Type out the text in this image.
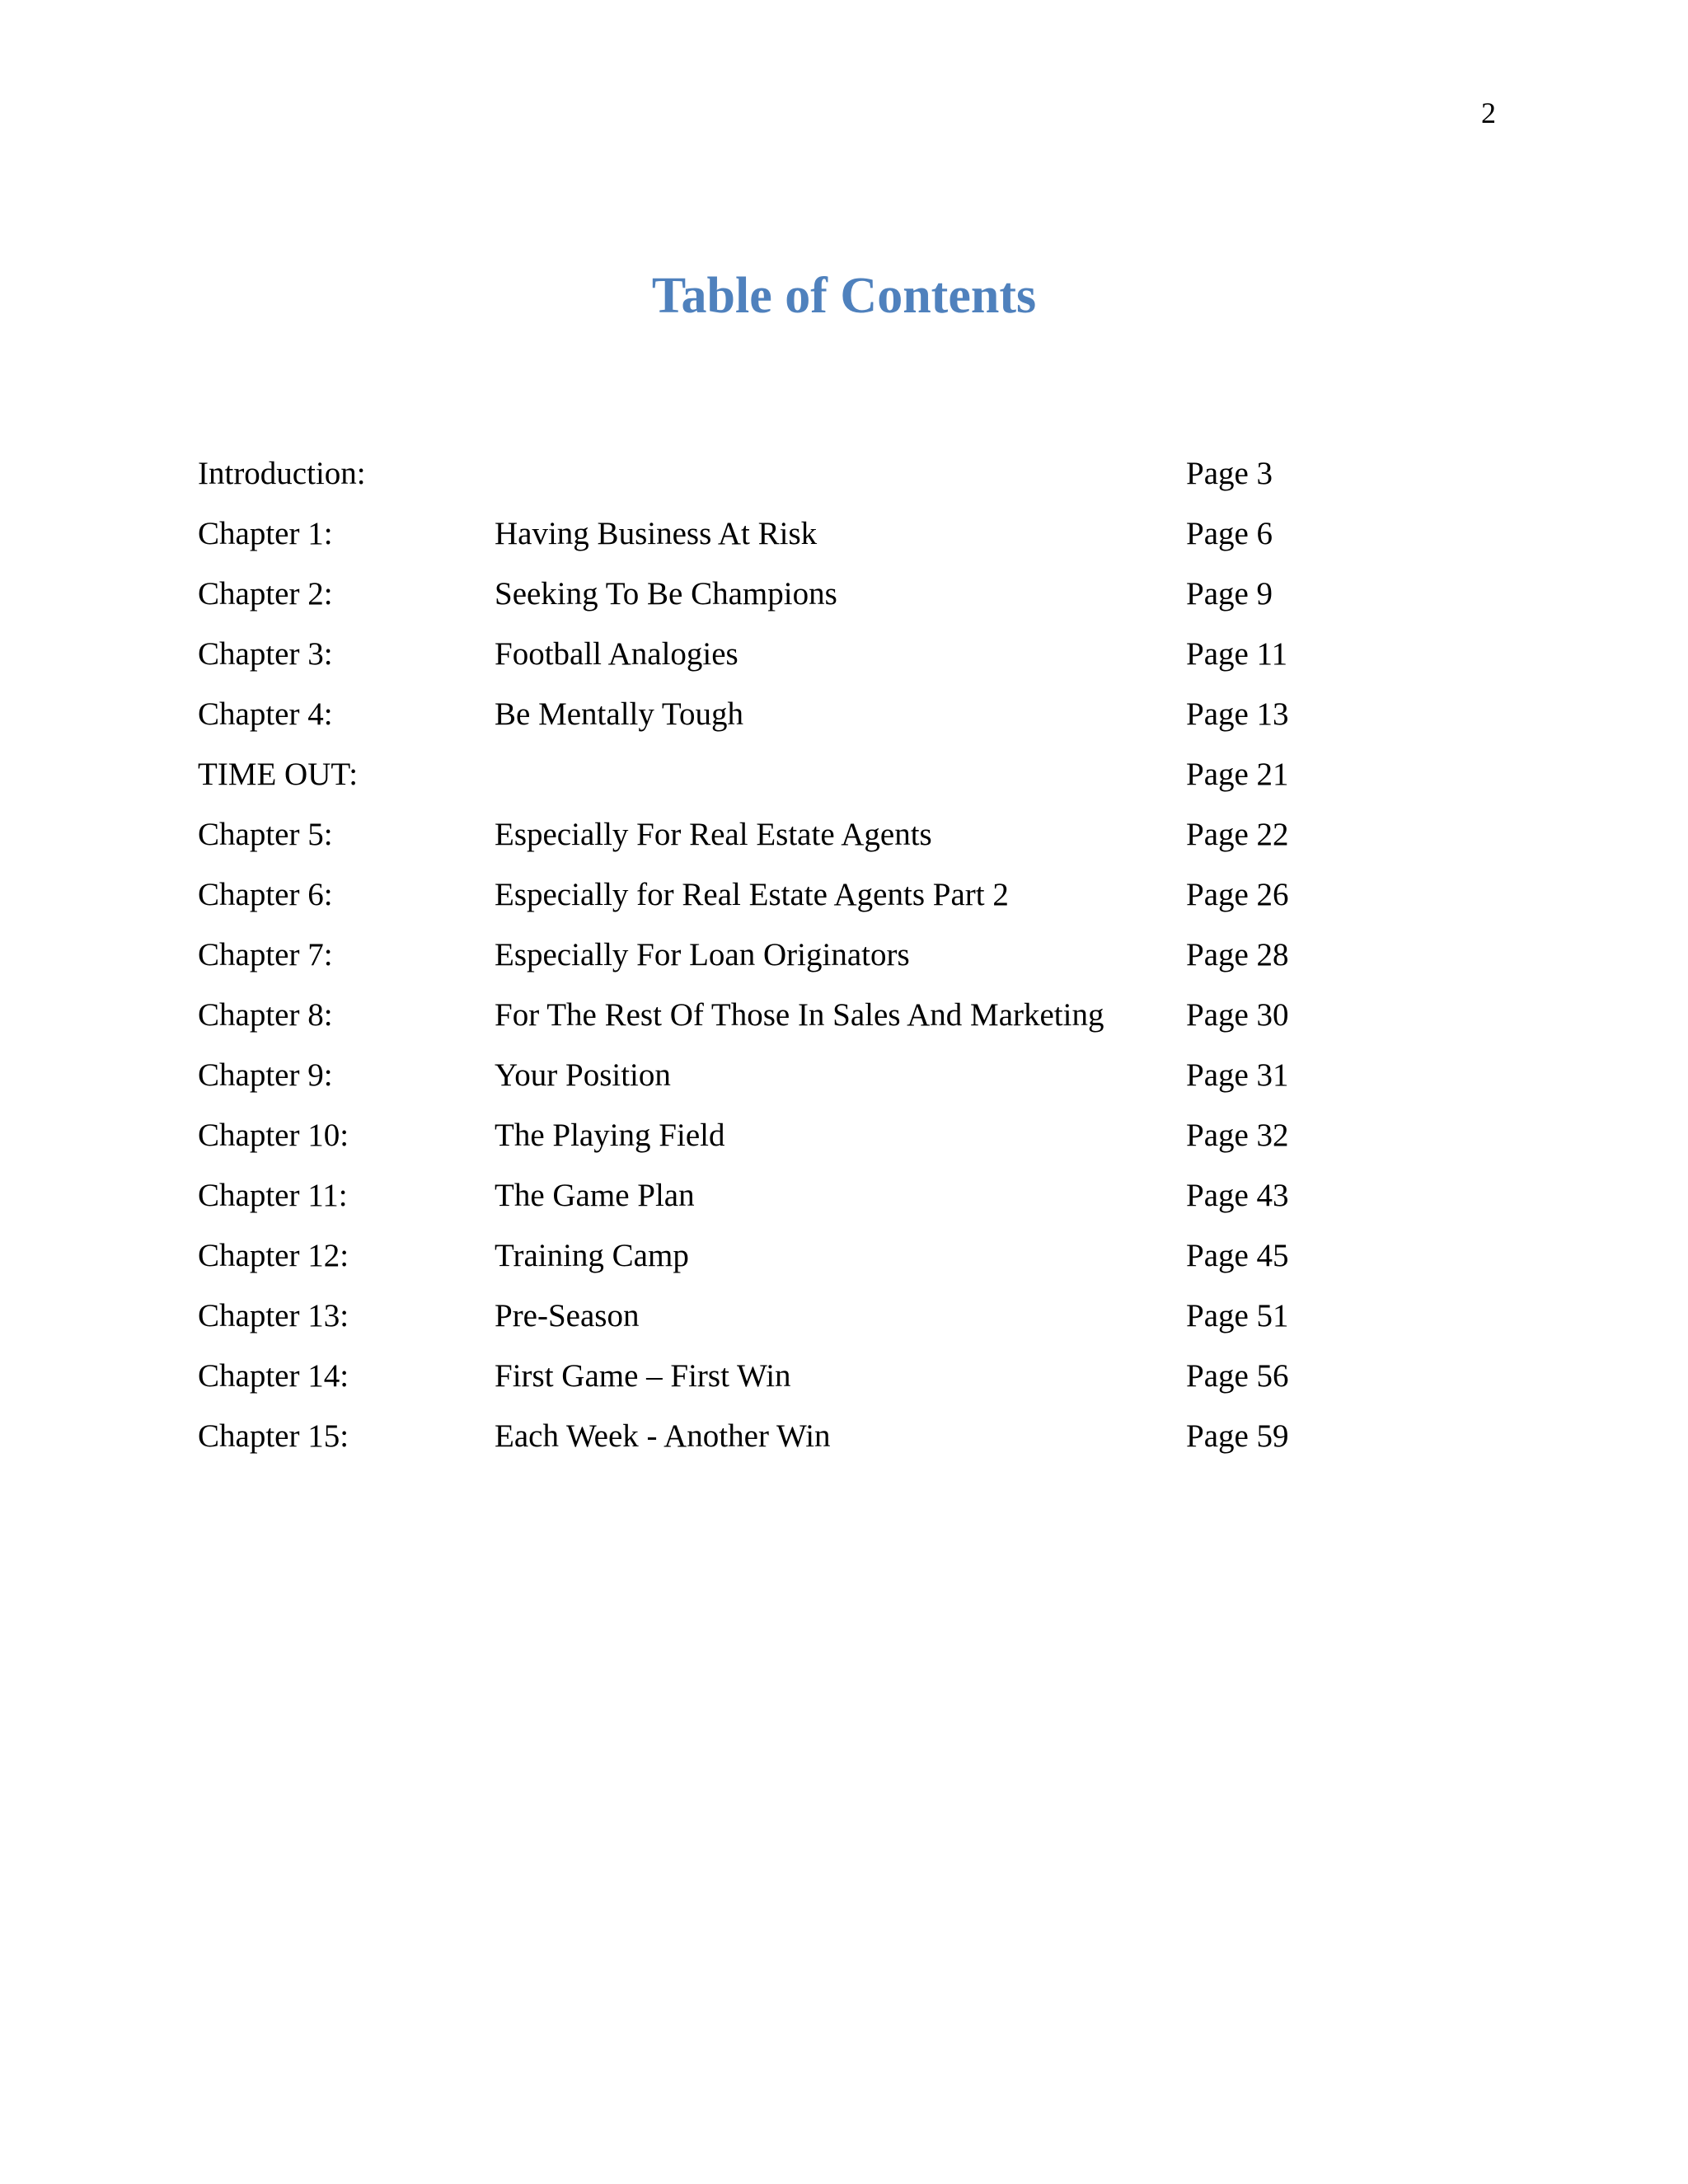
2
Table of Contents
Introduction:	Page 3
Chapter 1:	Having Business At Risk	Page 6
Chapter 2:	Seeking To Be Champions	Page 9
Chapter 3:	Football Analogies	Page 11
Chapter 4:	Be Mentally Tough	Page 13
TIME OUT:	Page 21
Chapter 5:	Especially For Real Estate Agents	Page 22
Chapter 6:	Especially for Real Estate Agents Part 2	Page 26
Chapter 7:	Especially For Loan Originators	Page 28
Chapter 8:	For The Rest Of Those In Sales And Marketing	Page 30
Chapter 9:	Your Position	Page 31
Chapter 10:	The Playing Field	Page 32
Chapter 11:	The Game Plan	Page 43
Chapter 12:	Training Camp	Page 45
Chapter 13:	Pre-Season	Page 51
Chapter 14:	First Game – First Win	Page 56
Chapter 15:	Each Week - Another Win	Page 59
